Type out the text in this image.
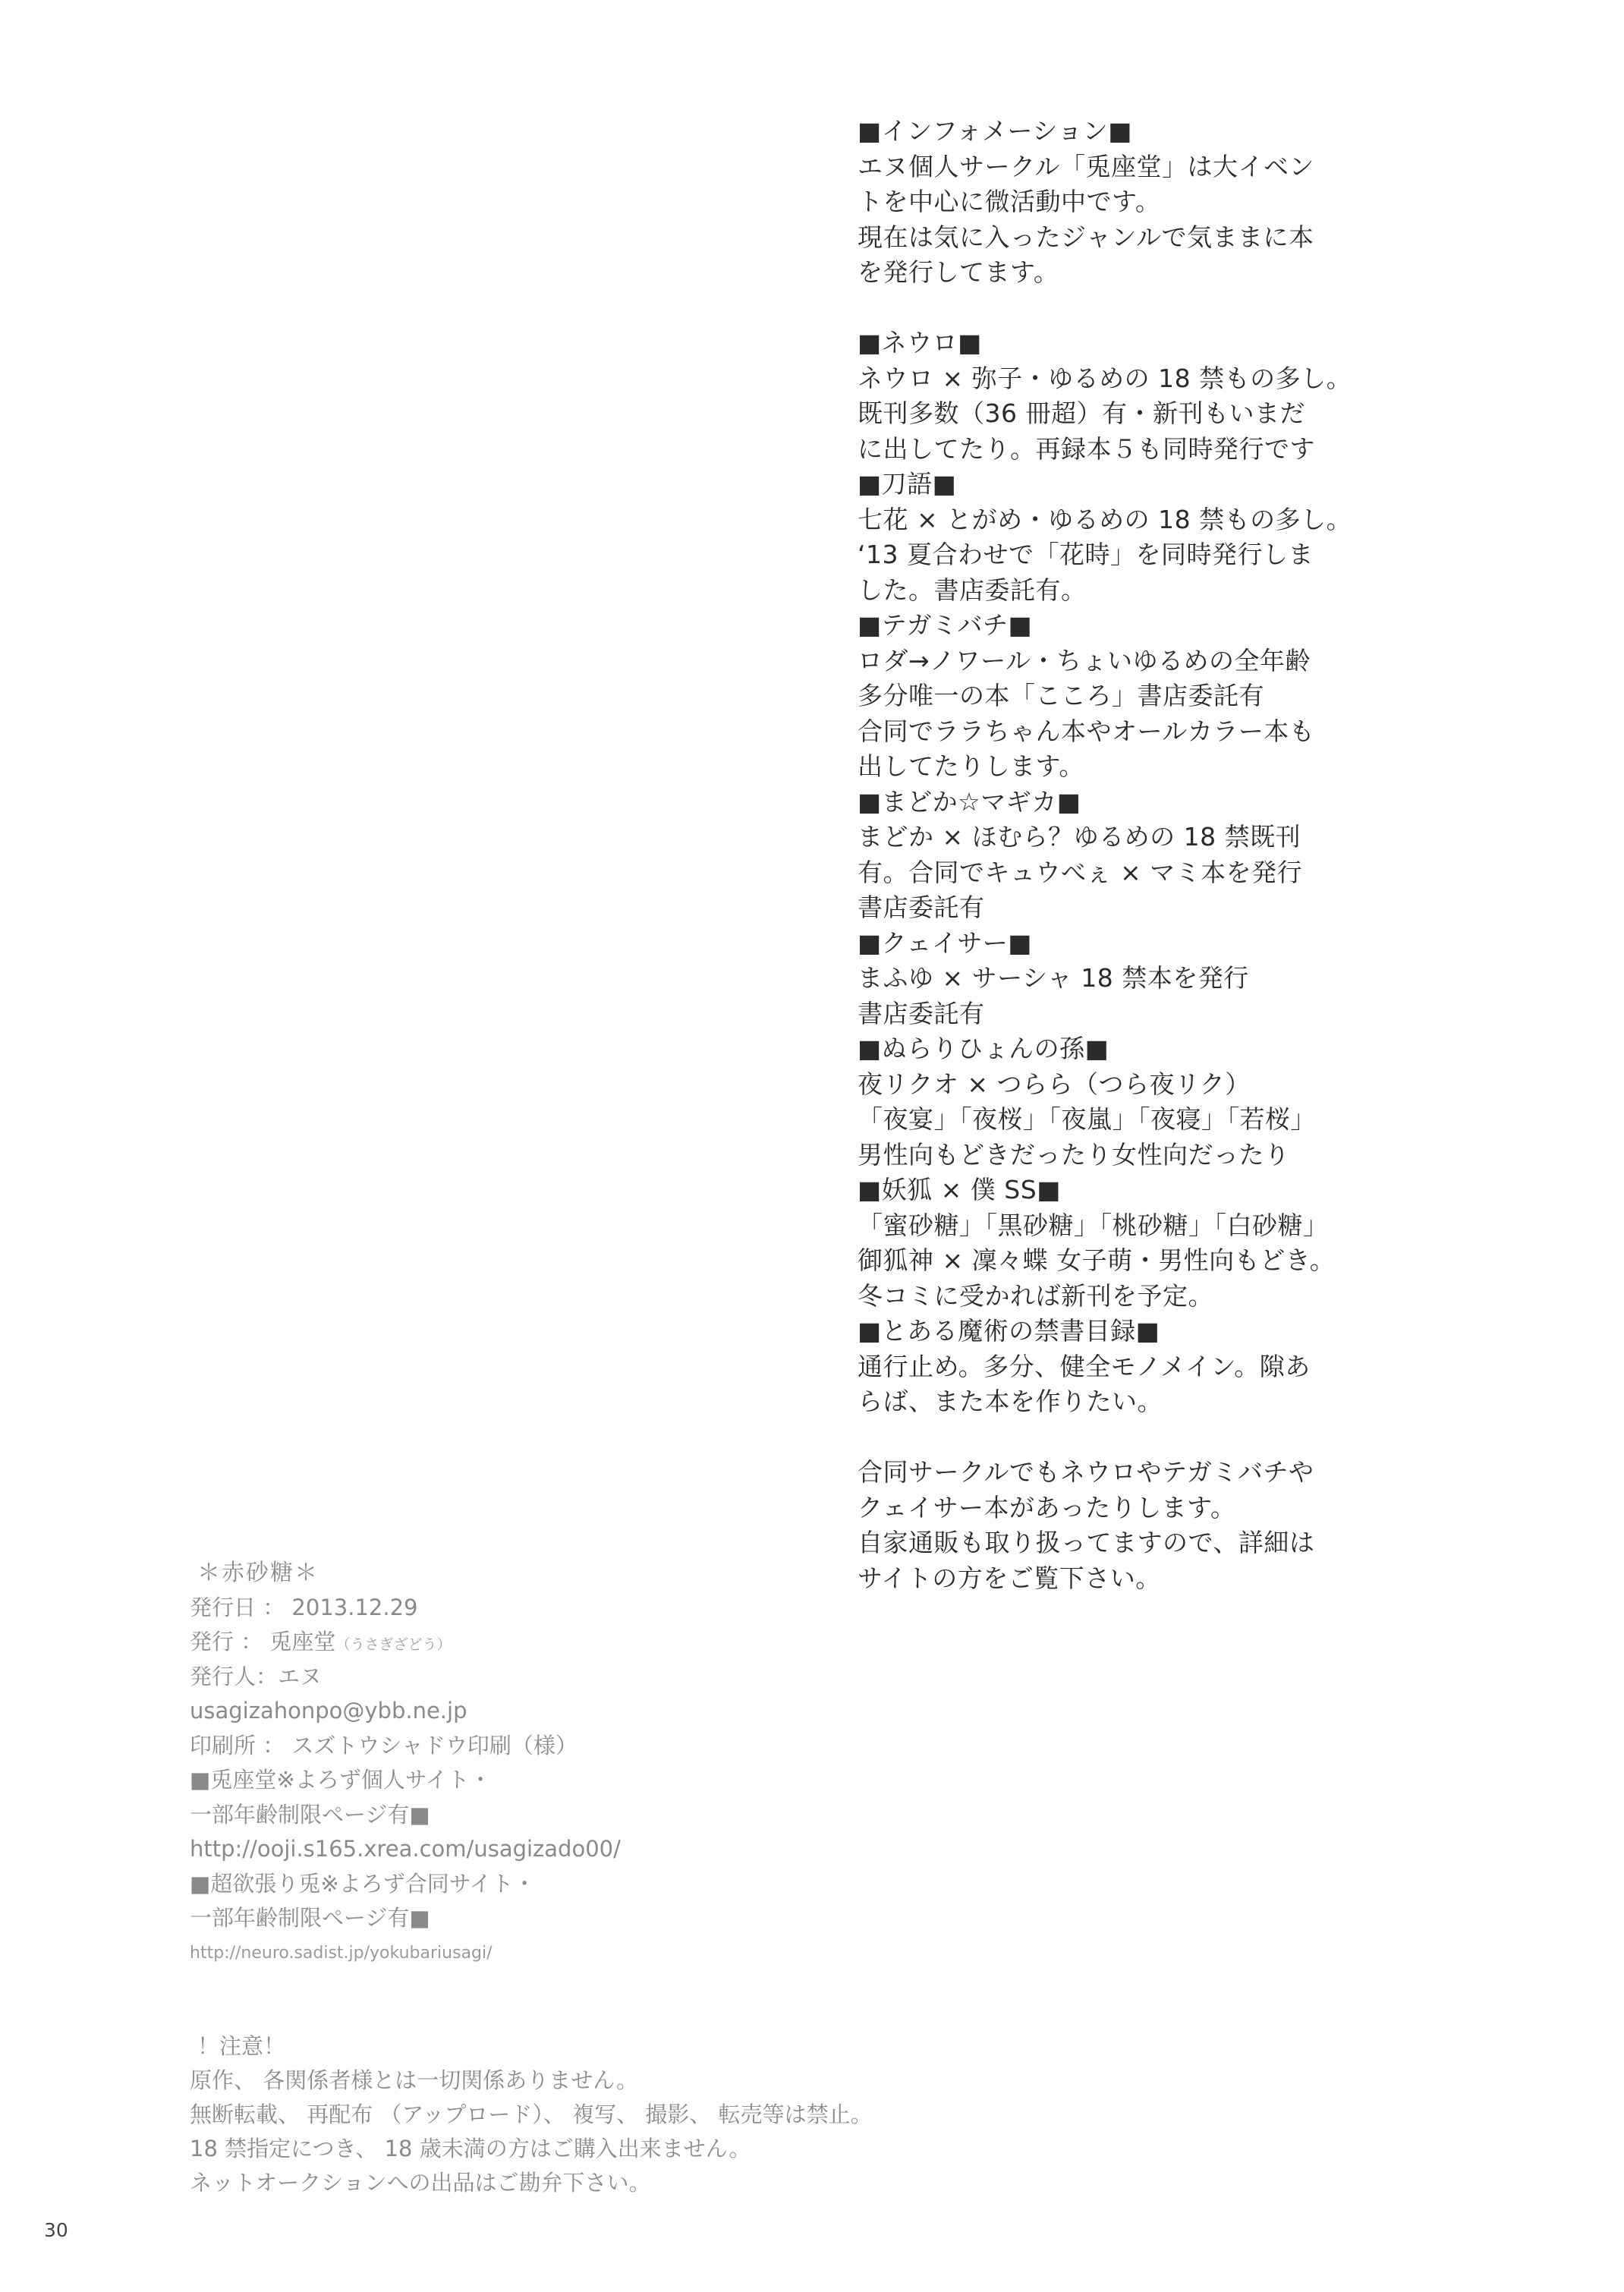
■インフォメーション■
エヌ個人サークル「兎座堂」は大イベン
トを中心に微活動中です。
現在は気に入ったジャンルで気ままに本
を発行してます。
■ネウロ■
ネウロ × 弥子・ゆるめの 18 禁もの多し。
既刊多数（36 冊超）有・新刊もいまだ
に出してたり。再録本５も同時発行です
■刀語■
七花 × とがめ・ゆるめの 18 禁もの多し。
‘13 夏合わせで「花時」を同時発行しま
した。書店委託有。
■テガミバチ■
ロダ→ノワール・ちょいゆるめの全年齢
多分唯一の本「こころ」書店委託有
合同でララちゃん本やオールカラー本も
出してたりします。
■まどか☆マギカ■
まどか × ほむら？ゆるめの 18 禁既刊
有。合同でキュウべぇ × マミ本を発行
書店委託有
■クェイサー■
まふゆ × サーシャ 18 禁本を発行
書店委託有
■ぬらりひょんの孫■
夜リクオ × つらら（つら夜リク）
「夜宴」「夜桜」「夜嵐」「夜寝」「若桜」
男性向もどきだったり女性向だったり
■妖狐 × 僕 SS■
「蜜砂糖」「黒砂糖」「桃砂糖」「白砂糖」
御狐神 × 凜々蝶 女子萌・男性向もどき。
冬コミに受かれば新刊を予定。
■とある魔術の禁書目録■
通行止め。多分、健全モノメイン。隙あ
らば、また本を作りたい。
合同サークルでもネウロやテガミバチや
クェイサー本があったりします。
自家通販も取り扱ってますので、詳細は
サイトの方をご覧下さい。
＊赤砂糖＊
発行日 ： 2013.12.29
発行 ： 兎座堂（うさぎざどう）
発行人：エヌ
usagizahonpo@ybb.ne.jp
印刷所 ： スズトウシャドウ印刷（様）
■兎座堂※よろず個人サイト・
一部年齢制限ページ有■
http://ooji.s165.xrea.com/usagizado00/
■超欲張り兎※よろず合同サイト・
一部年齢制限ページ有■
http://neuro.sadist.jp/yokubariusagi/
！注意！
原作、 各関係者様とは一切関係ありません。
無断転載、 再配布 （アップロード）、 複写、 撮影、 転売等は禁止。
18 禁指定につき、 18 歳未満の方はご購入出来ません。
ネットオークションへの出品はご勘弁下さい。
30
